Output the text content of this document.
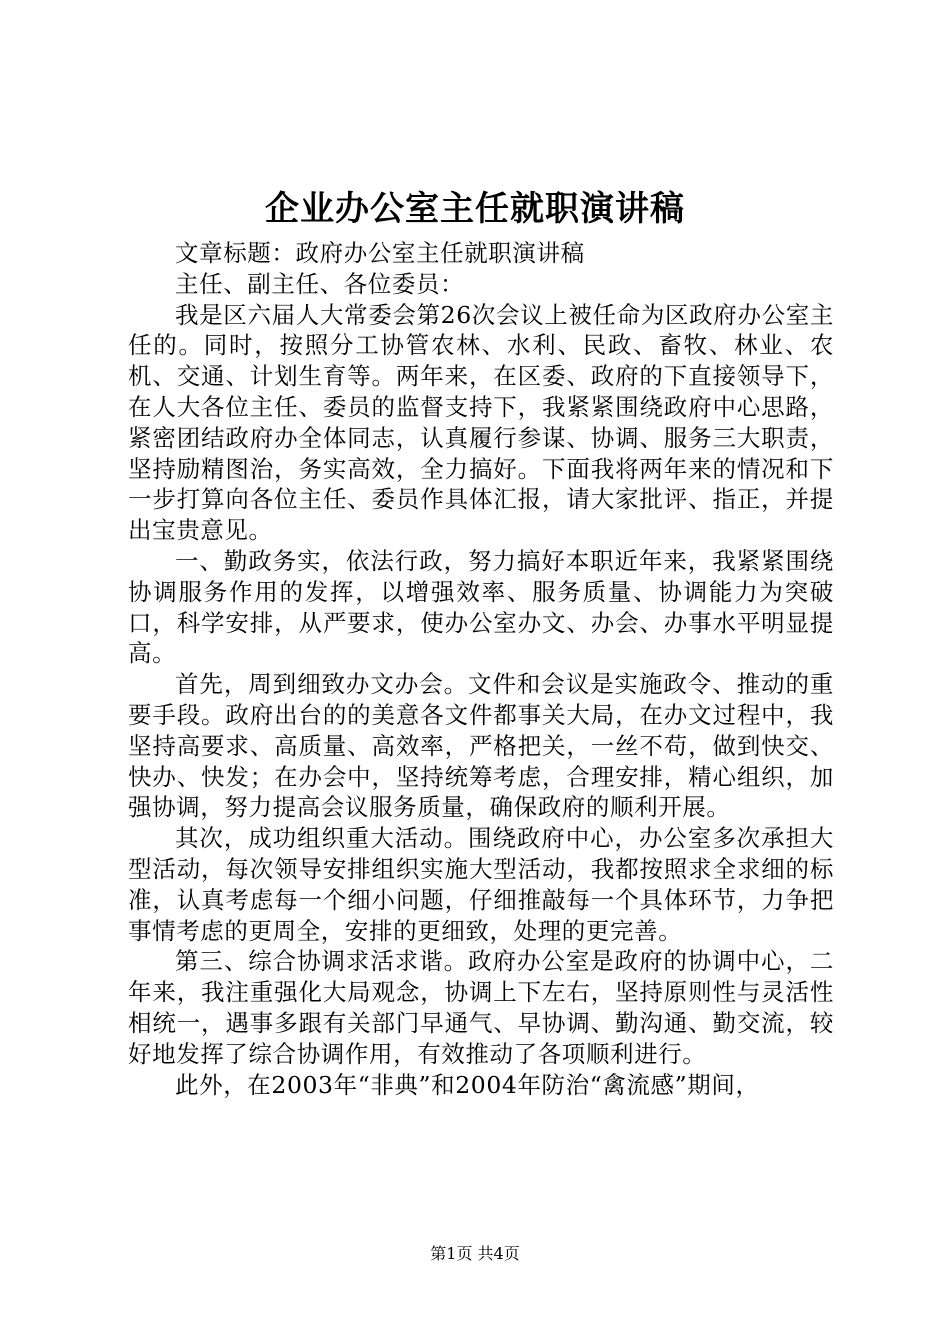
企业办公室主任就职演讲稿

文章标题：政府办公室主任就职演讲稿

主任、副主任、各位委员：

我是区六届人大常委会第26次会议上被任命为区政府办公室主任的。同时，按照分工协管农林、水利、民政、畜牧、林业、农机、交通、计划生育等。两年来，在区委、政府的下直接领导下，在人大各位主任、委员的监督支持下，我紧紧围绕政府中心思路，紧密团结政府办全体同志，认真履行参谋、协调、服务三大职责，坚持励精图治，务实高效，全力搞好。下面我将两年来的情况和下一步打算向各位主任、委员作具体汇报，请大家批评、指正，并提出宝贵意见。

一、勤政务实，依法行政，努力搞好本职近年来，我紧紧围绕协调服务作用的发挥，以增强效率、服务质量、协调能力为突破口，科学安排，从严要求，使办公室办文、办会、办事水平明显提高。

首先，周到细致办文办会。文件和会议是实施政令、推动的重要手段。政府出台的的美意各文件都事关大局，在办文过程中，我坚持高要求、高质量、高效率，严格把关，一丝不苟，做到快交、快办、快发；在办会中，坚持统筹考虑，合理安排，精心组织，加强协调，努力提高会议服务质量，确保政府的顺利开展。

其次，成功组织重大活动。围绕政府中心，办公室多次承担大型活动，每次领导安排组织实施大型活动，我都按照求全求细的标准，认真考虑每一个细小问题，仔细推敲每一个具体环节，力争把事情考虑的更周全，安排的更细致，处理的更完善。

第三、综合协调求活求谐。政府办公室是政府的协调中心，二年来，我注重强化大局观念，协调上下左右，坚持原则性与灵活性相统一，遇事多跟有关部门早通气、早协调、勤沟通、勤交流，较好地发挥了综合协调作用，有效推动了各项顺利进行。

此外，在2003年“非典”和2004年防治“禽流感”期间，

第1页 共4页
